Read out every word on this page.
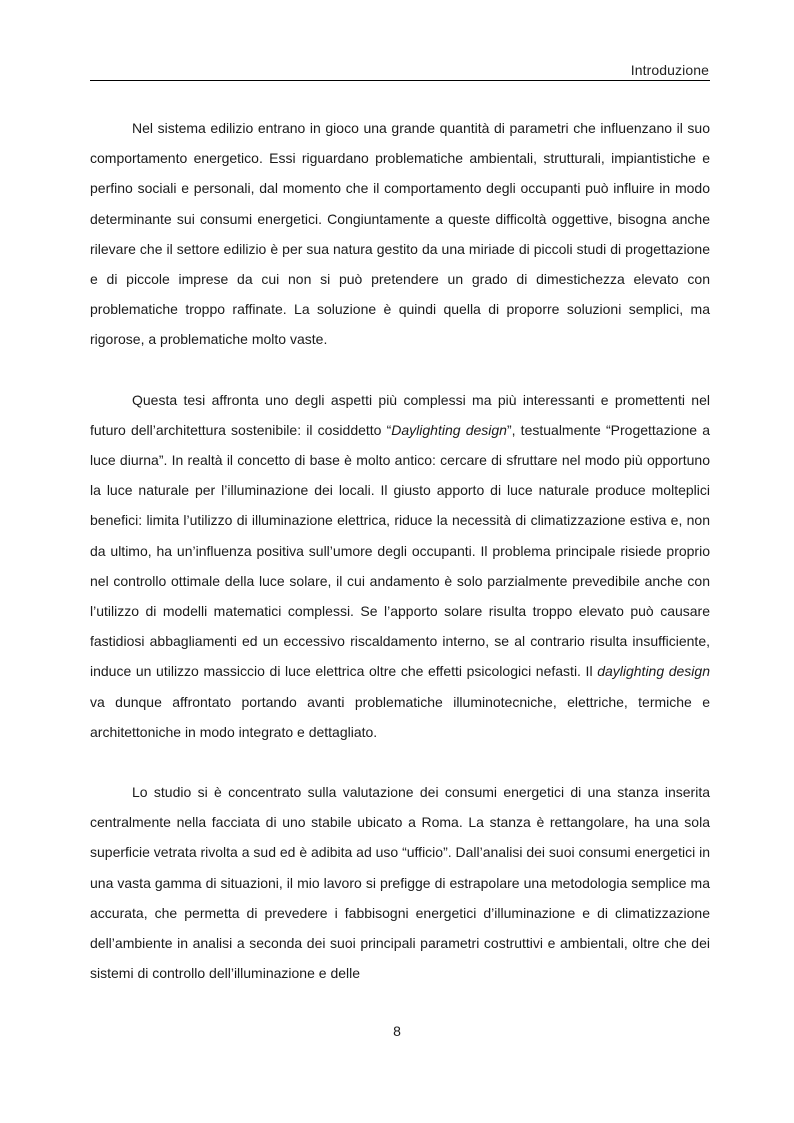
Introduzione

Nel sistema edilizio entrano in gioco una grande quantità di parametri che influenzano il suo comportamento energetico. Essi riguardano problematiche ambientali, strutturali, impiantistiche e perfino sociali e personali, dal momento che il comportamento degli occupanti può influire in modo determinante sui consumi energetici. Congiuntamente a queste difficoltà oggettive, bisogna anche rilevare che il settore edilizio è per sua natura gestito da una miriade di piccoli studi di progettazione e di piccole imprese da cui non si può pretendere un grado di dimestichezza elevato con problematiche troppo raffinate. La soluzione è quindi quella di proporre soluzioni semplici, ma rigorose, a problematiche molto vaste.

Questa tesi affronta uno degli aspetti più complessi ma più interessanti e promettenti nel futuro dell’architettura sostenibile: il cosiddetto “Daylighting design”, testualmente “Progettazione a luce diurna”. In realtà il concetto di base è molto antico: cercare di sfruttare nel modo più opportuno la luce naturale per l’illuminazione dei locali. Il giusto apporto di luce naturale produce molteplici benefici: limita l’utilizzo di illuminazione elettrica, riduce la necessità di climatizzazione estiva e, non da ultimo, ha un’influenza positiva sull’umore degli occupanti. Il problema principale risiede proprio nel controllo ottimale della luce solare, il cui andamento è solo parzialmente prevedibile anche con l’utilizzo di modelli matematici complessi. Se l’apporto solare risulta troppo elevato può causare fastidiosi abbagliamenti ed un eccessivo riscaldamento interno, se al contrario risulta insufficiente, induce un utilizzo massiccio di luce elettrica oltre che effetti psicologici nefasti. Il daylighting design va dunque affrontato portando avanti problematiche illuminotecniche, elettriche, termiche e architettoniche in modo integrato e dettagliato.

Lo studio si è concentrato sulla valutazione dei consumi energetici di una stanza inserita centralmente nella facciata di uno stabile ubicato a Roma. La stanza è rettangolare, ha una sola superficie vetrata rivolta a sud ed è adibita ad uso “ufficio”. Dall’analisi dei suoi consumi energetici in una vasta gamma di situazioni, il mio lavoro si prefigge di estrapolare una metodologia semplice ma accurata, che permetta di prevedere i fabbisogni energetici d’illuminazione e di climatizzazione dell’ambiente in analisi a seconda dei suoi principali parametri costruttivi e ambientali, oltre che dei sistemi di controllo dell’illuminazione e delle

8
